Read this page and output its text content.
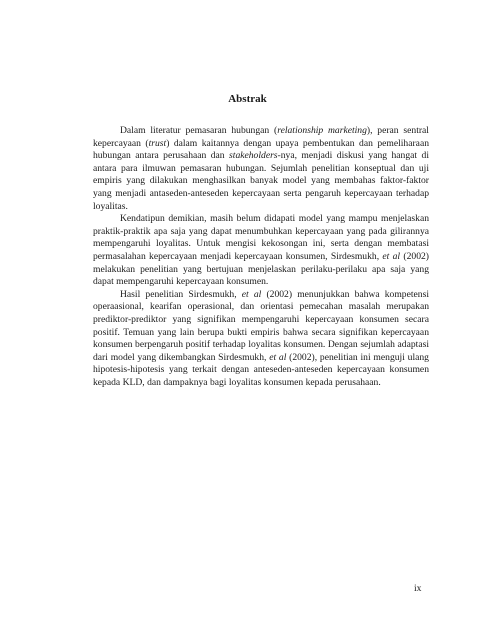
Abstrak

Dalam literatur pemasaran hubungan (relationship marketing), peran sentral kepercayaan (trust) dalam kaitannya dengan upaya pembentukan dan pemeliharaan hubungan antara perusahaan dan stakeholders-nya, menjadi diskusi yang hangat di antara para ilmuwan pemasaran hubungan. Sejumlah penelitian konseptual dan uji empiris yang dilakukan menghasilkan banyak model yang membahas faktor-faktor yang menjadi antaseden-anteseden kepercayaan serta pengaruh kepercayaan terhadap loyalitas.

Kendatipun demikian, masih belum didapati model yang mampu menjelaskan praktik-praktik apa saja yang dapat menumbuhkan kepercayaan yang pada gilirannya mempengaruhi loyalitas. Untuk mengisi kekosongan ini, serta dengan membatasi permasalahan kepercayaan menjadi kepercayaan konsumen, Sirdesmukh, et al (2002) melakukan penelitian yang bertujuan menjelaskan perilaku-perilaku apa saja yang dapat mempengaruhi kepercayaan konsumen.

Hasil penelitian Sirdesmukh, et al (2002) menunjukkan bahwa kompetensi operaasional, kearifan operasional, dan orientasi pemecahan masalah merupakan prediktor-prediktor yang signifikan mempengaruhi kepercayaan konsumen secara positif. Temuan yang lain berupa bukti empiris bahwa secara signifikan kepercayaan konsumen berpengaruh positif terhadap loyalitas konsumen. Dengan sejumlah adaptasi dari model yang dikembangkan Sirdesmukh, et al (2002), penelitian ini menguji ulang hipotesis-hipotesis yang terkait dengan anteseden-anteseden kepercayaan konsumen kepada KLD, dan dampaknya bagi loyalitas konsumen kepada perusahaan.

ix
